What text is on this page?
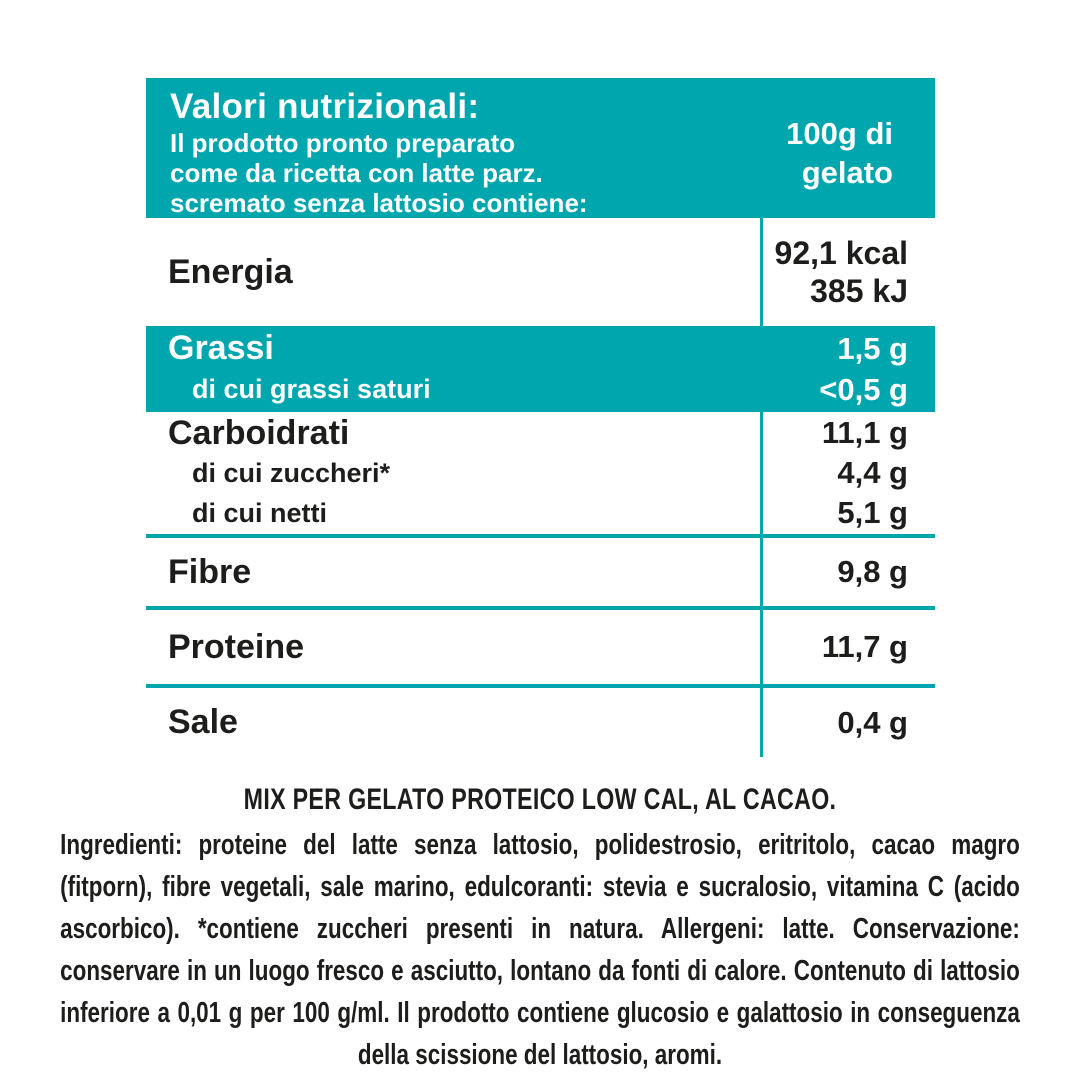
Valori nutrizionali:
Il prodotto pronto preparato
come da ricetta con latte parz.
scremato senza lattosio contiene:
100g di
gelato
Energia	92,1 kcal
385 kJ
Grassi	1,5 g
di cui grassi saturi	<0,5 g
Carboidrati	11,1 g
di cui zuccheri*	4,4 g
di cui netti	5,1 g
Fibre	9,8 g
Proteine	11,7 g
Sale	0,4 g
MIX PER GELATO PROTEICO LOW CAL, AL CACAO.
Ingredienti: proteine del latte senza lattosio, polidestrosio, eritritolo, cacao magro (fitporn), fibre vegetali, sale marino, edulcoranti: stevia e sucralosio, vitamina C (acido ascorbico). *contiene zuccheri presenti in natura. Allergeni: latte. Conservazione: conservare in un luogo fresco e asciutto, lontano da fonti di calore. Contenuto di lattosio inferiore a 0,01 g per 100 g/ml. Il prodotto contiene glucosio e galattosio in conseguenza della scissione del lattosio, aromi.
